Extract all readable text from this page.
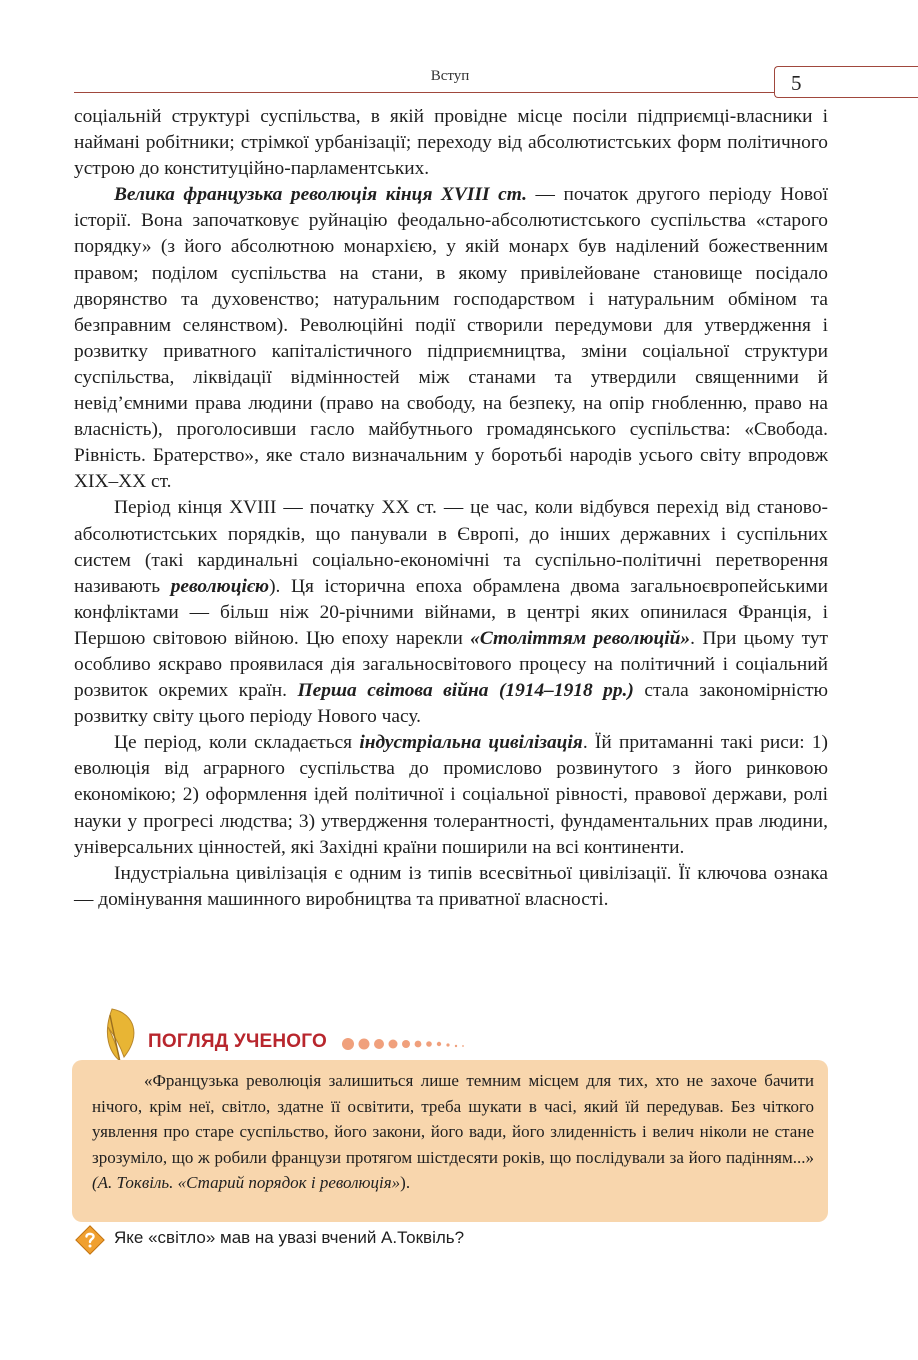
Вступ	5

соціальній структурі суспільства, в якій провідне місце посіли підприємці-власники і наймані робітники; стрімкої урбанізації; переходу від абсолютистських форм політичного устрою до конституційно-парламентських.

Велика французька революція кінця XVIII ст. — початок другого періоду Нової історії. Вона започатковує руйнацію феодально-абсолютистського суспільства «старого порядку» (з його абсолютною монархією, у якій монарх був наділений божественним правом; поділом суспільства на стани, в якому привілейоване становище посідало дворянство та духовенство; натуральним господарством і натуральним обміном та безправним селянством). Революційні події створили передумови для утвердження і розвитку приватного капіталістичного підприємництва, зміни соціальної структури суспільства, ліквідації відмінностей між станами та утвердили священними й невід’ємними права людини (право на свободу, на безпеку, на опір гнобленню, право на власність), проголосивши гасло майбутнього громадянського суспільства: «Свобода. Рівність. Братерство», яке стало визначальним у боротьбі народів усього світу впродовж XIX–XX ст.

Період кінця XVIII — початку XX ст. — це час, коли відбувся перехід від станово-абсолютистських порядків, що панували в Європі, до інших державних і суспільних систем (такі кардинальні соціально-економічні та суспільно-політичні перетворення називають революцією). Ця історична епоха обрамлена двома загальноєвропейськими конфліктами — більш ніж 20-річними війнами, в центрі яких опинилася Франція, і Першою світовою війною. Цю епоху нарекли «Століттям революцій». При цьому тут особливо яскраво проявилася дія загальносвітового процесу на політичний і соціальний розвиток окремих країн. Перша світова війна (1914–1918 рр.) стала закономірністю розвитку світу цього періоду Нового часу.

Це період, коли складається індустріальна цивілізація. Їй притаманні такі риси: 1) еволюція від аграрного суспільства до промислово розвинутого з його ринковою економікою; 2) оформлення ідей політичної і соціальної рівності, правової держави, ролі науки у прогресі людства; 3) утвердження толерантності, фундаментальних прав людини, універсальних цінностей, які Західні країни поширили на всі континенти.

Індустріальна цивілізація є одним із типів всесвітньої цивілізації. Її ключова ознака — домінування машинного виробництва та приватної власності.

ПОГЛЯД УЧЕНОГО

«Французька революція залишиться лише темним місцем для тих, хто не захоче бачити нічого, крім неї, світло, здатне її освітити, треба шукати в часі, який їй передував. Без чіткого уявлення про старе суспільство, його закони, його вади, його злиденність і велич ніколи не стане зрозуміло, що ж робили французи протягом шістдесяти років, що послідували за його падінням...» (А. Токвіль. «Старий порядок і революція»).

Яке «світло» мав на увазі вчений А.Токвіль?
